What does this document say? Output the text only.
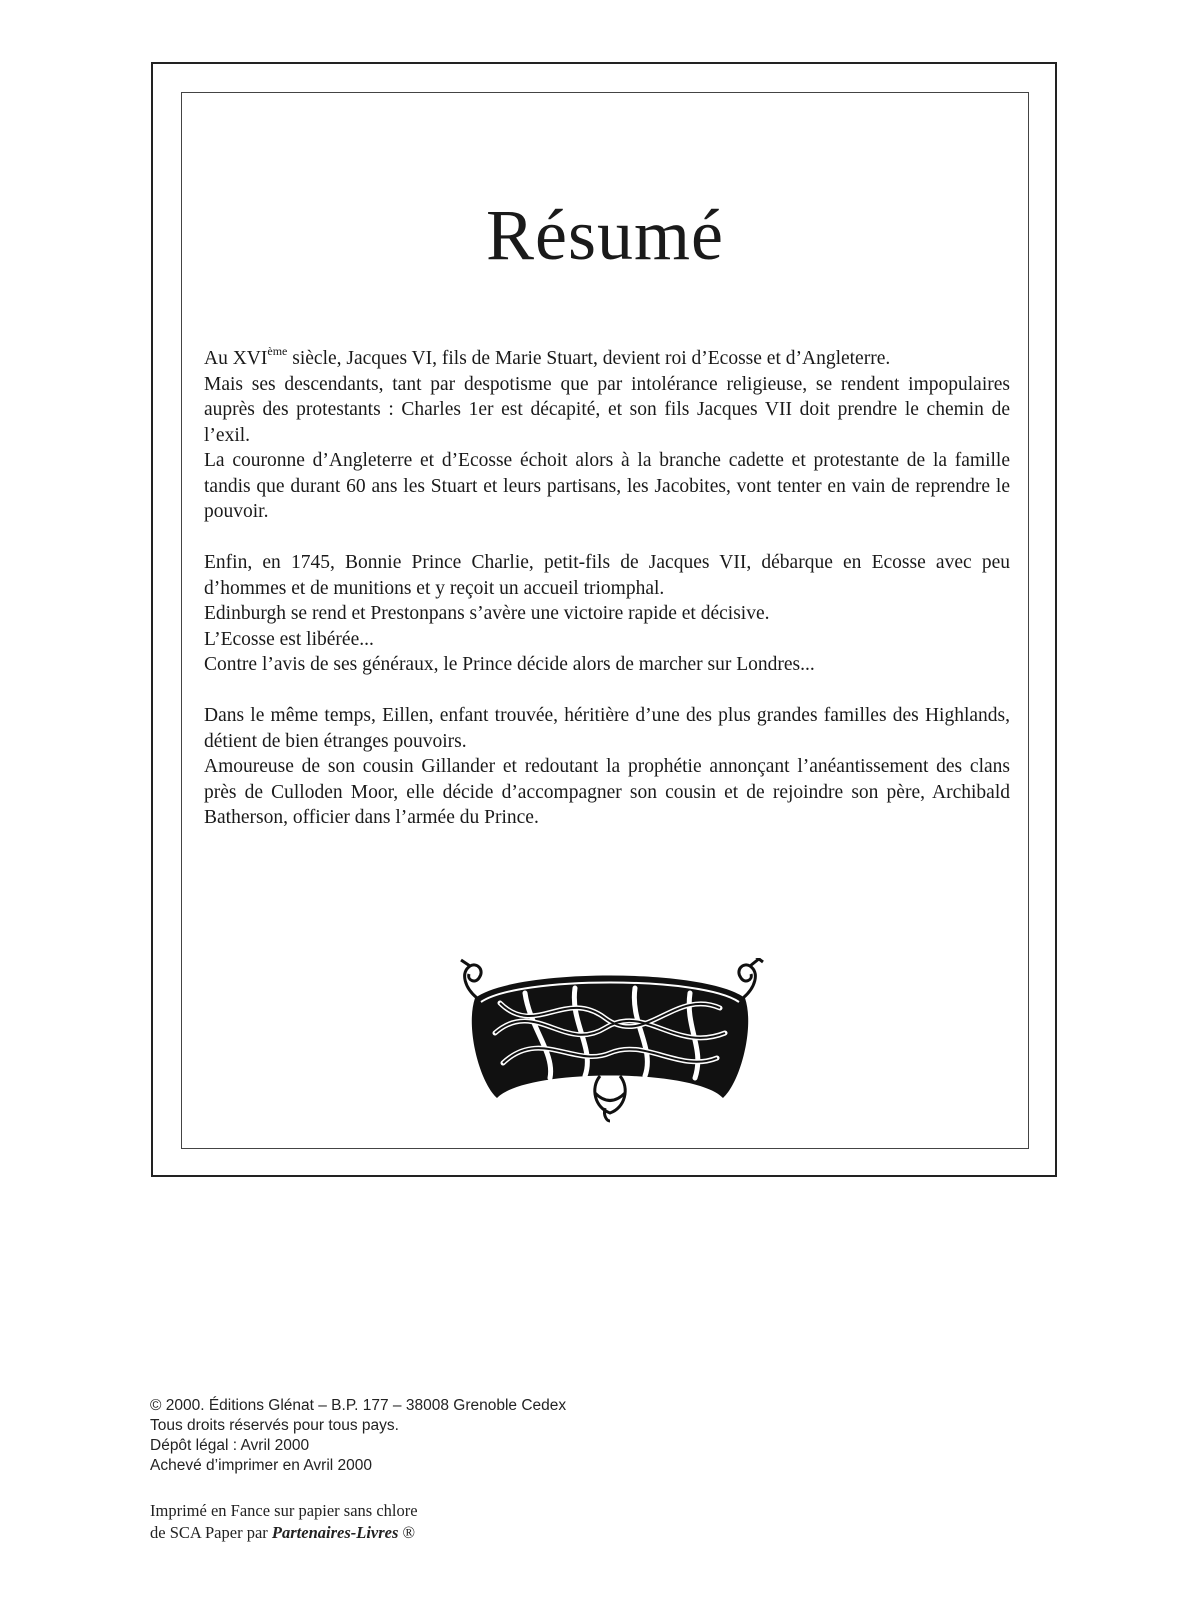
Résumé

Au XVIème siècle, Jacques VI, fils de Marie Stuart, devient roi d’Ecosse et d’Angleterre.

Mais ses descendants, tant par despotisme que par intolérance religieuse, se rendent impopulaires auprès des protestants : Charles 1er est décapité, et son fils Jacques VII doit prendre le chemin de l’exil.

La couronne d’Angleterre et d’Ecosse échoit alors à la branche cadette et protestante de la famille tandis que durant 60 ans les Stuart et leurs partisans, les Jacobites, vont tenter en vain de reprendre le pouvoir.

Enfin, en 1745, Bonnie Prince Charlie, petit-fils de Jacques VII, débarque en Ecosse avec peu d’hommes et de munitions et y reçoit un accueil triomphal.

Edinburgh se rend et Prestonpans s’avère une victoire rapide et décisive.

L’Ecosse est libérée...

Contre l’avis de ses généraux, le Prince décide alors de marcher sur Londres...

Dans le même temps, Eillen, enfant trouvée, héritière d’une des plus grandes familles des Highlands, détient de bien étranges pouvoirs.

Amoureuse de son cousin Gillander et redoutant la prophétie annonçant l’anéantissement des clans près de Culloden Moor, elle décide d’accompagner son cousin et de rejoindre son père, Archibald Batherson, officier dans l’armée du Prince.

© 2000. Éditions Glénat – B.P. 177 – 38008 Grenoble Cedex

Tous droits réservés pour tous pays.

Dépôt légal : Avril 2000

Achevé d’imprimer en Avril 2000

Imprimé en Fance sur papier sans chlore

de SCA Paper par Partenaires-Livres ®
